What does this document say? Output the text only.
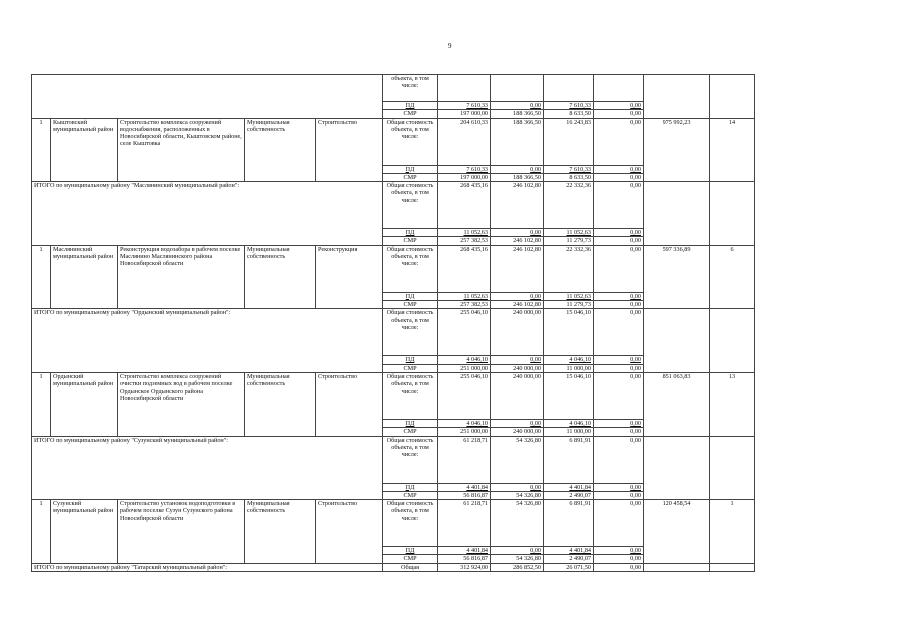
9
					объекта, в том числе:						
					ПД	7 610,33	0,00	7 610,33	0,00		
					СМР	197 000,00	188 366,50	8 633,50	0,00		
1	Кыштовский муниципальный район	Строительство комплекса сооружений водоснабжения, расположенных в Новосибирской области, Кыштовском районе, селе Кыштовка	Муниципальная собственность	Строительство	Общая стоимость объекта, в том числе:	204 610,33	188 366,50	16 243,83	0,00	975 992,23	14
					ПД	7 610,33	0,00	7 610,33	0,00		
					СМР	197 000,00	188 366,50	8 633,50	0,00		
ИТОГО по муниципальному району "Маслянинский муниципальный район":					Общая стоимость объекта, в том числе:	268 435,16	246 102,80	22 332,36	0,00		
					ПД	11 052,63	0,00	11 052,63	0,00		
					СМР	257 382,53	246 102,80	11 279,73	0,00		
1	Маслянинский муниципальный район	Реконструкция водозабора в рабочем поселке Маслянино Маслянинского района Новосибирской области	Муниципальная собственность	Реконструкция	Общая стоимость объекта, в том числе:	268 435,16	246 102,80	22 332,36	0,00	597 336,89	6
					ПД	11 052,63	0,00	11 052,63	0,00		
					СМР	257 382,53	246 102,80	11 279,73	0,00		
ИТОГО по муниципальному району "Ордынский муниципальный район":					Общая стоимость объекта, в том числе:	255 046,10	240 000,00	15 046,10	0,00		
					ПД	4 046,10	0,00	4 046,10	0,00		
					СМР	251 000,00	240 000,00	11 000,00	0,00		
1	Ордынский муниципальный район	Строительство комплекса сооружений очистки подземных вод в рабочем поселке Ордынское Ордынского района Новосибирской области	Муниципальная собственность	Строительство	Общая стоимость объекта, в том числе:	255 046,10	240 000,00	15 046,10	0,00	851 063,83	13
					ПД	4 046,10	0,00	4 046,10	0,00		
					СМР	251 000,00	240 000,00	11 000,00	0,00		
ИТОГО по муниципальному району "Сузунский муниципальный район":					Общая стоимость объекта, в том числе:	61 218,71	54 326,80	6 891,91	0,00		
					ПД	4 401,84	0,00	4 401,84	0,00		
					СМР	56 816,87	54 326,80	2 490,07	0,00		
1	Сузунский муниципальный район	Строительство установок водоподготовки в рабочем поселке Сузун Сузунского района Новосибирской области	Муниципальная собственность	Строительство	Общая стоимость объекта, в том числе:	61 218,71	54 326,80	6 891,91	0,00	120 458,54	1
					ПД	4 401,84	0,00	4 401,84	0,00		
					СМР	56 816,87	54 326,80	2 490,07	0,00		
ИТОГО по муниципальному району "Татарский муниципальный район":					Общая	312 924,00	286 852,50	26 071,50	0,00		
